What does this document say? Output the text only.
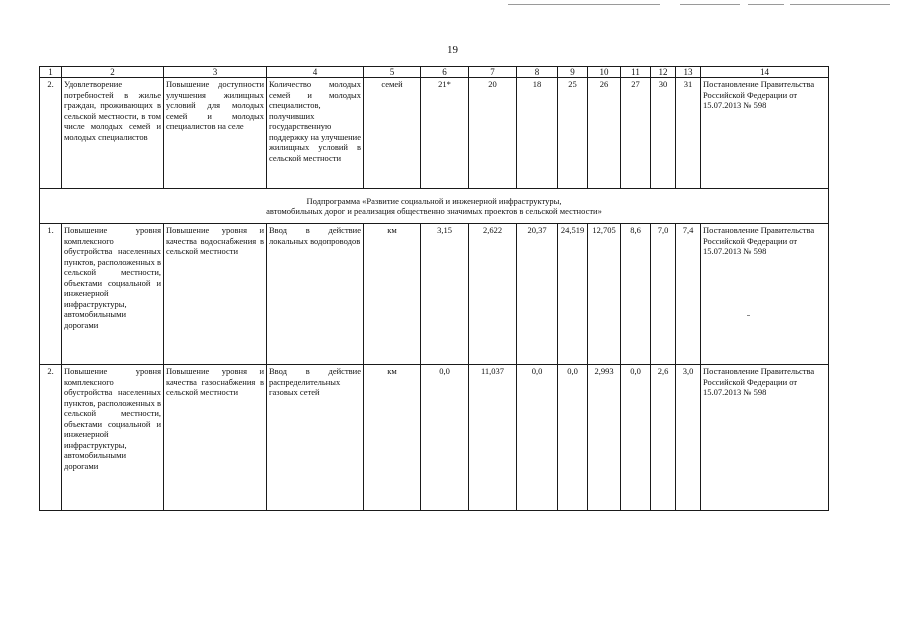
19
1	2	3	4	5	6	7	8	9	10	11	12	13	14
2.	Удовлетворение потребностей в жилье граждан, проживающих в сельской местности, в том числе молодых семей и молодых специалистов	Повышение доступности улучшения жилищных условий для молодых семей и молодых специалистов на селе	Количество молодых семей и молодых специалистов, получивших государственную поддержку на улучшение жилищных условий в сельской местности	семей	21*	20	18	25	26	27	30	31	Постановление Правительства Российской Федерации от 15.07.2013 № 598

Подпрограмма «Развитие социальной и инженерной инфраструктуры,
автомобильных дорог и реализация общественно значимых проектов в сельской местности»													

1.	Повышение уровня комплексного обустройства населенных пунктов, расположенных в сельской местности, объектами социальной и инженерной инфраструктуры, автомобильными дорогами	Повышение уровня и качества водоснабжения в сельской местности	Ввод в действие локальных водопроводов	км	3,15	2,622	20,37	24,519	12,705	8,6	7,0	7,4	Постановление Правительства Российской Федерации от 15.07.2013 № 598
2.	Повышение уровня комплексного обустройства населенных пунктов, расположенных в сельской местности, объектами социальной и инженерной инфраструктуры, автомобильными дорогами	Повышение уровня и качества газоснабжения в сельской местности	Ввод в действие распределительных газовых сетей	км	0,0	11,037	0,0	0,0	2,993	0,0	2,6	3,0	Постановление Правительства Российской Федерации от 15.07.2013 № 598
